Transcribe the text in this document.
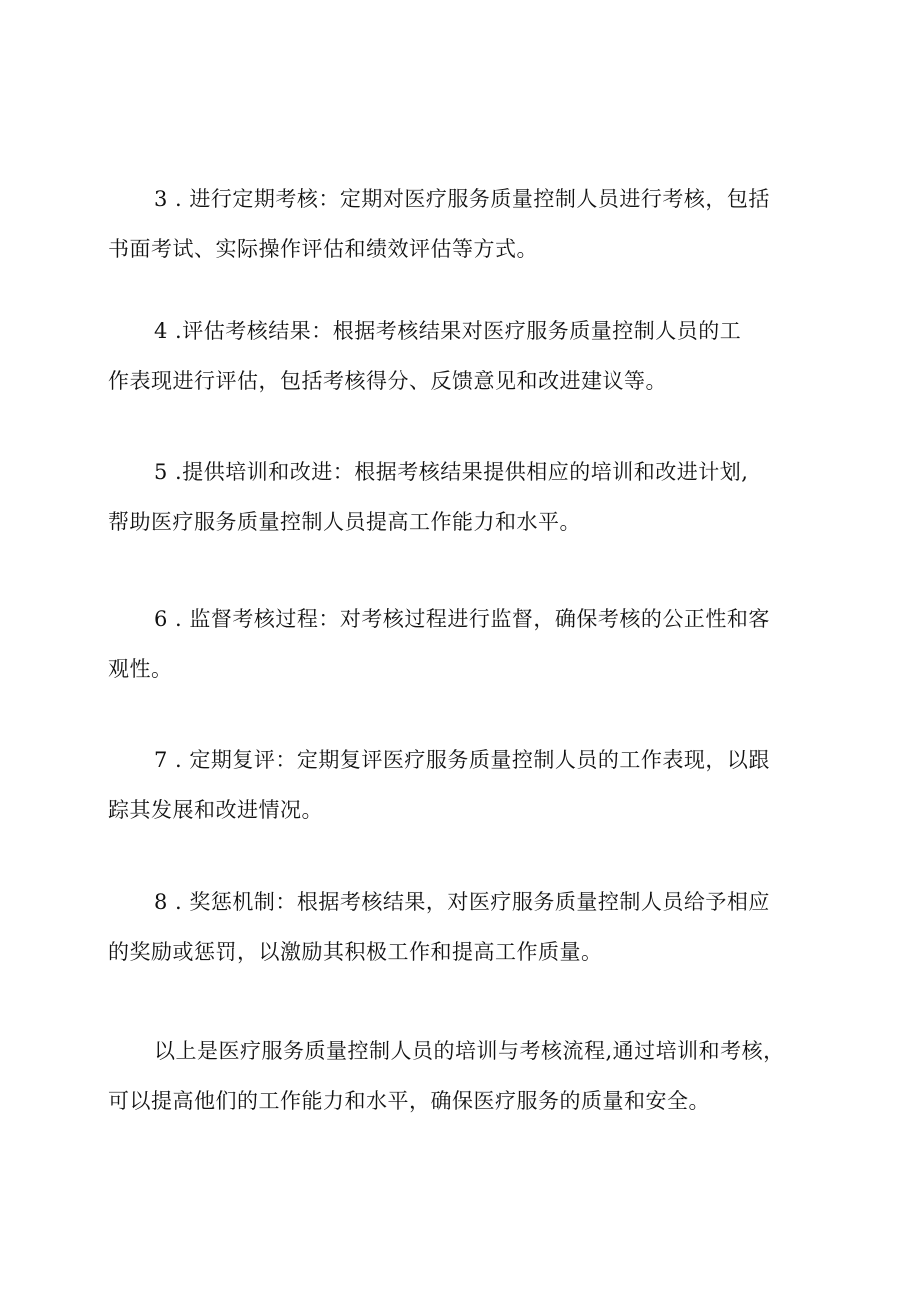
3 . 进行定期考核：定期对医疗服务质量控制人员进行考核，包括
书面考试、实际操作评估和绩效评估等方式。

4 .评估考核结果：根据考核结果对医疗服务质量控制人员的工
作表现进行评估，包括考核得分、反馈意见和改进建议等。

5 .提供培训和改进：根据考核结果提供相应的培训和改进计划,
帮助医疗服务质量控制人员提高工作能力和水平。

6 . 监督考核过程：对考核过程进行监督，确保考核的公正性和客
观性。

7 . 定期复评：定期复评医疗服务质量控制人员的工作表现，以跟
踪其发展和改进情况。

8 . 奖惩机制：根据考核结果，对医疗服务质量控制人员给予相应
的奖励或惩罚，以激励其积极工作和提高工作质量。

以上是医疗服务质量控制人员的培训与考核流程,通过培训和考核，
可以提高他们的工作能力和水平，确保医疗服务的质量和安全。
